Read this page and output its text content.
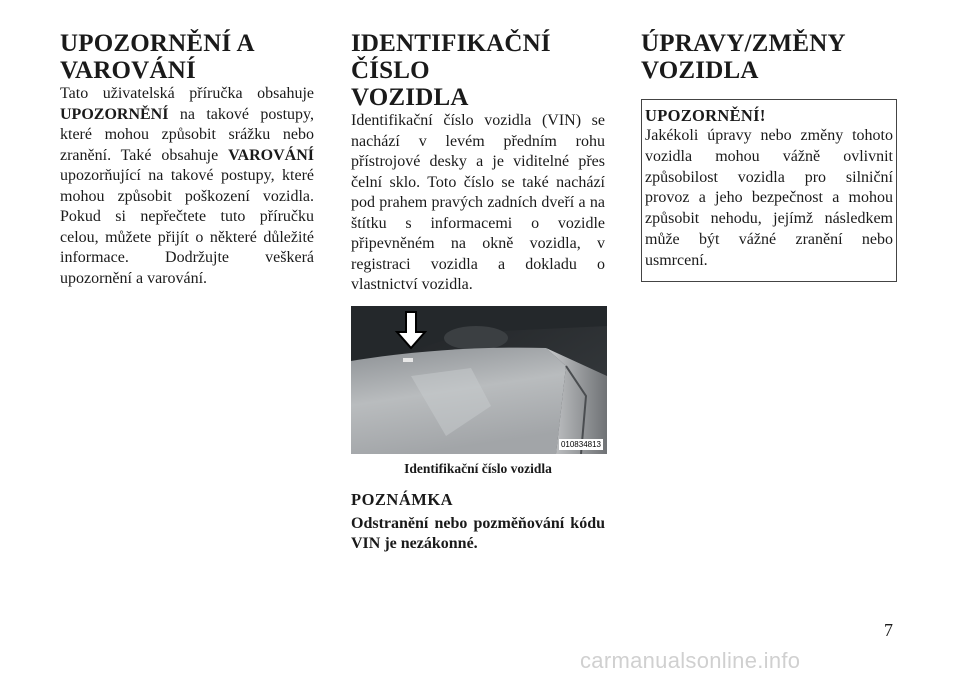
UPOZORNĚNÍ A
VAROVÁNÍ

Tato uživatelská příručka obsahuje UPOZORNĚNÍ na takové postupy, které mohou způsobit srážku nebo zranění. Také obsahuje VAROVÁNÍ upozorňující na takové postupy, které mohou způsobit poškození vozidla. Pokud si nepřečtete tuto příručku celou, můžete přijít o některé důležité informace. Dodržujte veškerá upozornění a varování.

IDENTIFIKAČNÍ ČÍSLO
VOZIDLA

Identifikační číslo vozidla (VIN) se nachází v levém předním rohu přístrojové desky a je viditelné přes čelní sklo. Toto číslo se také nachází pod prahem pravých zadních dveří a na štítku s informacemi o vozidle připevněném na okně vozidla, v registraci vozidla a dokladu o vlastnictví vozidla.

010834813
Identifikační číslo vozidla
POZNÁMKA
Odstranění nebo pozměňování kódu VIN je nezákonné.
ÚPRAVY/ZMĚNY
VOZIDLA
UPOZORNĚNÍ!
Jakékoli úpravy nebo změny tohoto vozidla mohou vážně ovlivnit způsobilost vozidla pro silniční provoz a jeho bezpečnost a mohou způsobit nehodu, jejímž následkem může být vážné zranění nebo usmrcení.
7
carmanualsonline.info
